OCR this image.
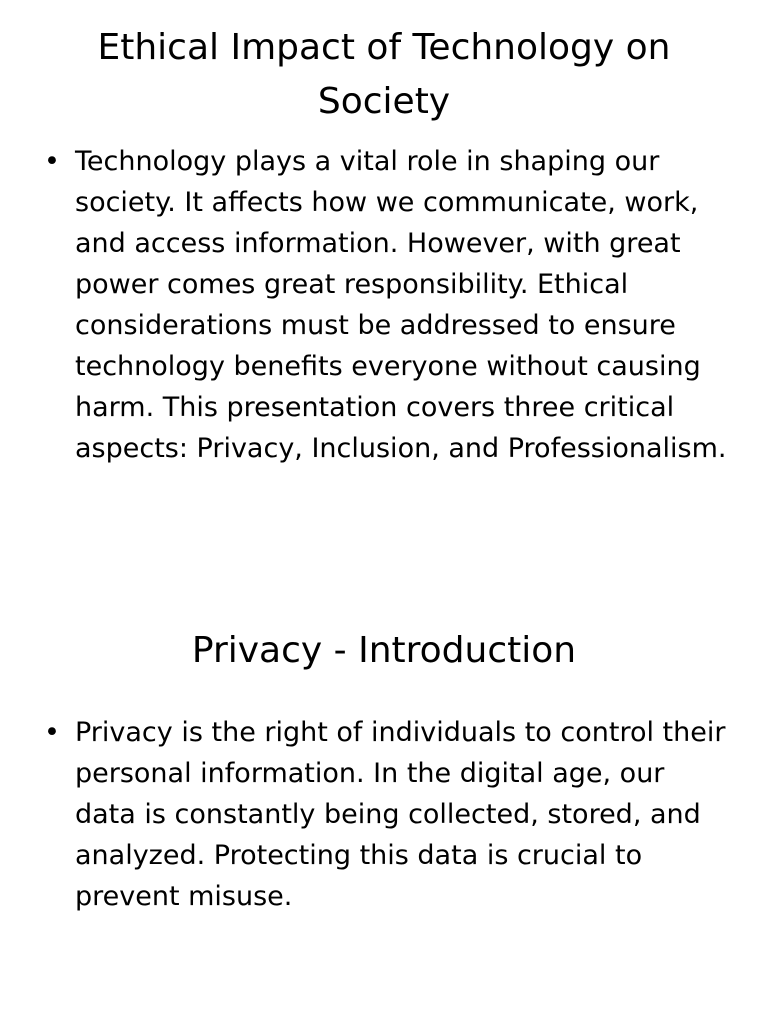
Ethical Impact of Technology on Society
• Technology plays a vital role in shaping our society. It affects how we communicate, work, and access information. However, with great power comes great responsibility. Ethical considerations must be addressed to ensure technology benefits everyone without causing harm. This presentation covers three critical aspects: Privacy, Inclusion, and Professionalism.
Privacy - Introduction
• Privacy is the right of individuals to control their personal information. In the digital age, our data is constantly being collected, stored, and analyzed. Protecting this data is crucial to prevent misuse.
